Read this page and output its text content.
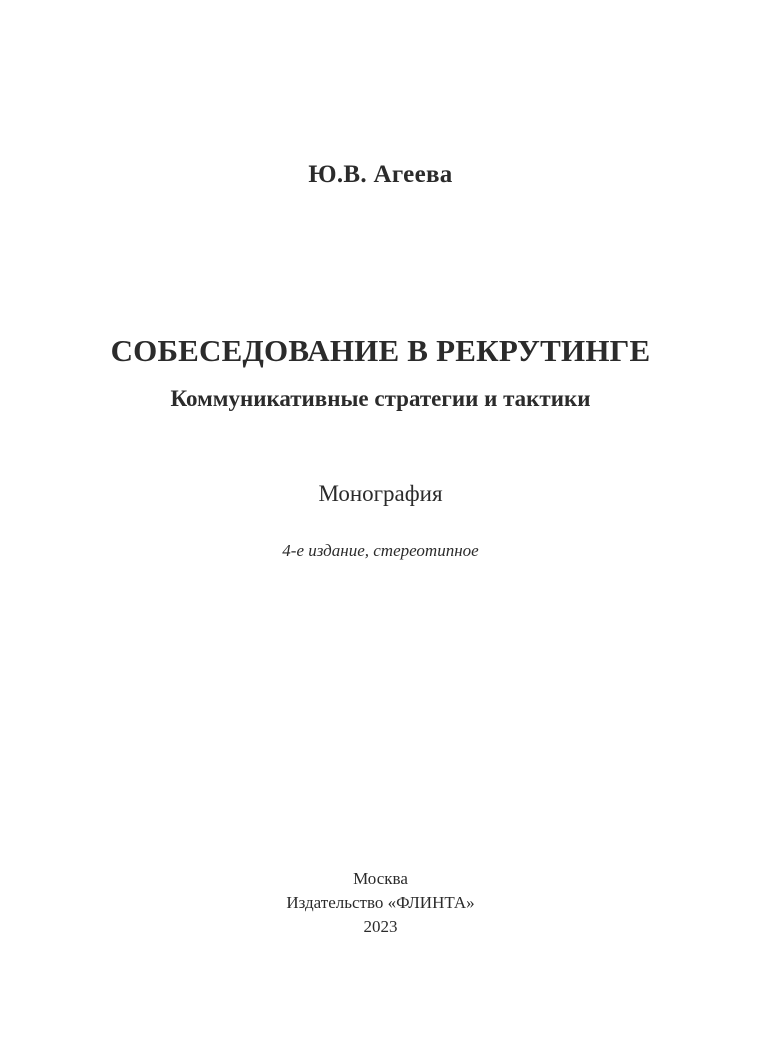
Ю.В. Агеева
СОБЕСЕДОВАНИЕ В РЕКРУТИНГЕ
Коммуникативные стратегии и тактики
Монография
4-е издание, стереотипное
Москва
Издательство «ФЛИНТА»
2023
